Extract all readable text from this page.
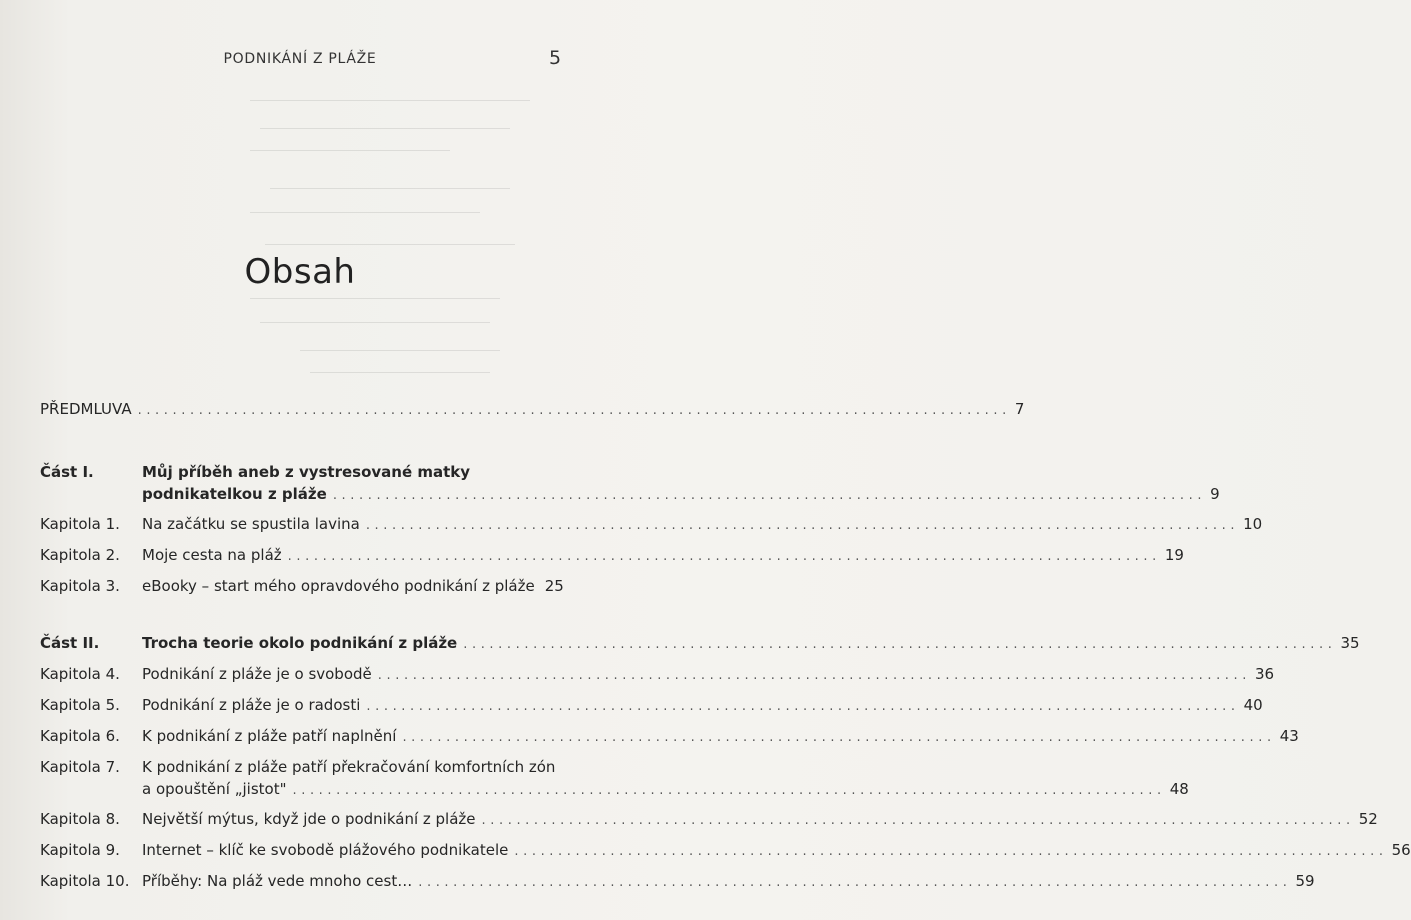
PODNIKÁNÍ Z PLÁŽE	5
Obsah
PŘEDMLUVA .................................................................................................... 7
Část I.	Můj příběh aneb z vystresované matky
podnikatelkou z pláže .................................................................................................... 9
Kapitola 1. Na začátku se spustila lavina .................................................................................................... 10
Kapitola 2. Moje cesta na pláž .................................................................................................... 19
Kapitola 3. eBooky – start mého opravdového podnikání z pláže 25
Část II.	Trocha teorie okolo podnikání z pláže .................................................................................................... 35
Kapitola 4. Podnikání z pláže je o svobodě .................................................................................................... 36
Kapitola 5. Podnikání z pláže je o radosti .................................................................................................... 40
Kapitola 6. K podnikání z pláže patří naplnění .................................................................................................... 43
Kapitola 7. K podnikání z pláže patří překračování komfortních zón
a opouštění „jistot" .................................................................................................... 48
Kapitola 8. Největší mýtus, když jde o podnikání z pláže .................................................................................................... 52
Kapitola 9. Internet – klíč ke svobodě plážového podnikatele .................................................................................................... 56
Kapitola 10. Příběhy: Na pláž vede mnoho cest… .................................................................................................... 59
